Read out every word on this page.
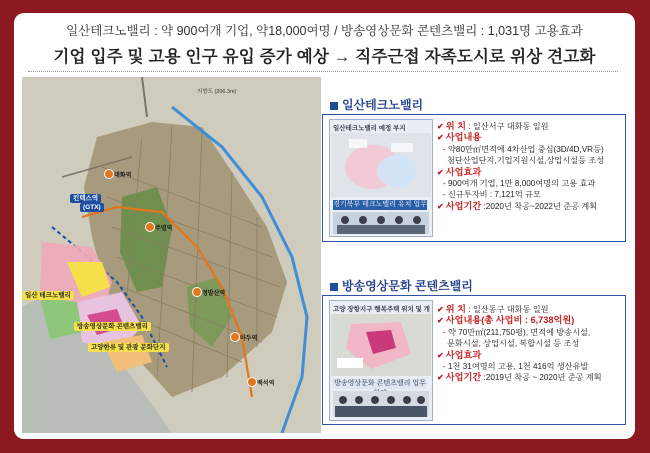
일산테크노밸리 : 약 900여개 기업, 약18,000여명 / 방송영상문화 콘텐츠밸리 : 1,031명 고용효과
기업 입주 및 고용 인구 유입 증가 예상 → 직주근접 자족도시로 위상 견고화
지방도 (206.3m)
킨텍스역
(GTX)
일산 테크노밸리
방송영상문화 콘텐츠밸리
고양한류 및 관광 문화단지
대화역
주엽역
정발산역
마두역
백석역
일산테크노밸리
일산테크노밸리 예정 부지
경기북부 테크노밸리 유치 업무
✔ 위 치 : 일산서구 대화동 일원
✔ 사업내용
- 약80만㎡면적에 4차산업 중심(3D/4D,VR등)
첨단산업단지,기업지원시설,상업시설등 조성
✔ 사업효과
- 900여개 기업, 1만 8,000여명의 고용 효과
- 신규투자비 : 7,121억 규모
✔ 사업기간 :2020년 착공~2022년 준공 계획
방송영상문화 콘텐츠밸리
고양 장항지구 행복주택 위치 및 개
방송영상문화 콘텐츠밸리 업무
✔ 위 치 : 일산동구 대화동 일원
✔ 사업내용(총 사업비 : 6,738억원)
- 약 70만㎡(211,750평), 면적에 방송시설,
문화시설, 상업시설, 복합시설 등 조성
✔ 사업효과
- 1천 31여명의 고용, 1천 416억 생산유발
✔ 사업기간 :2019년 착공 ~ 2020년 준공 계획
